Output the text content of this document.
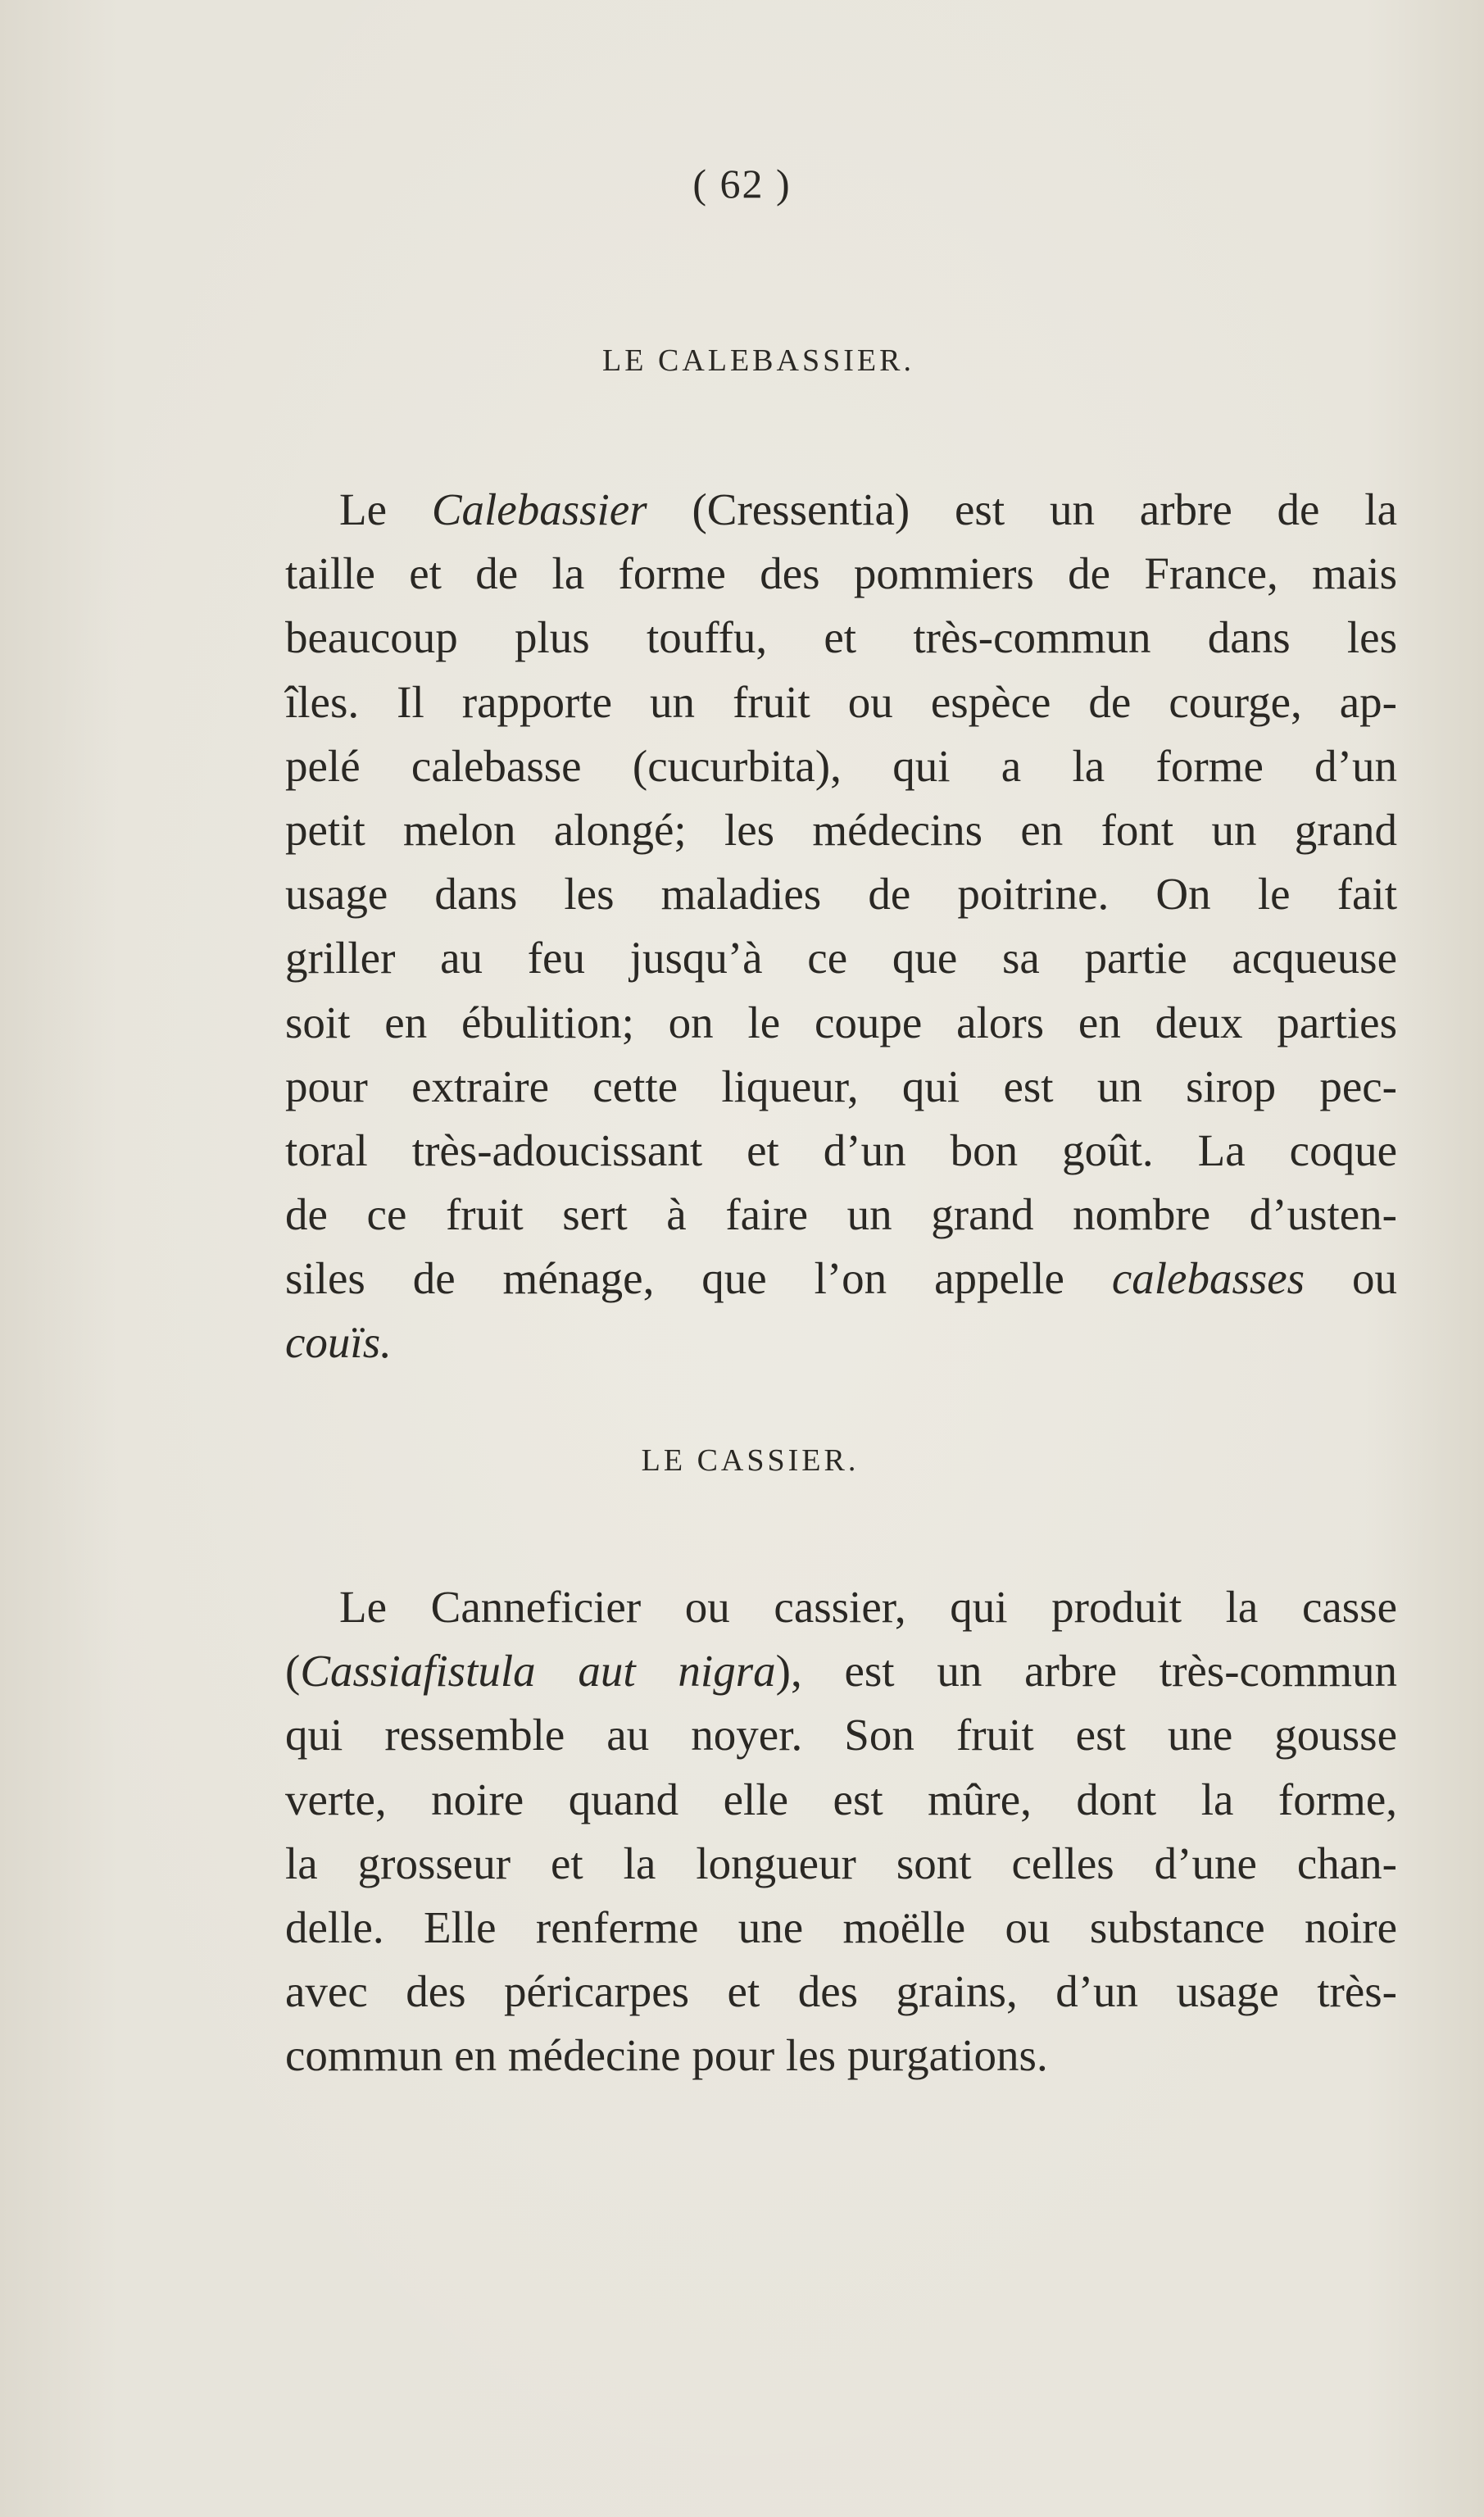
( 62 )
LE CALEBASSIER.
Le Calebassier (Cressentia) est un arbre de la
taille et de la forme des pommiers de France, mais
beaucoup plus touffu, et très-commun dans les
îles. Il rapporte un fruit ou espèce de courge, ap-
pelé calebasse (cucurbita), qui a la forme d’un
petit melon alongé; les médecins en font un grand
usage dans les maladies de poitrine. On le fait
griller au feu jusqu’à ce que sa partie acqueuse
soit en ébulition; on le coupe alors en deux parties
pour extraire cette liqueur, qui est un sirop pec-
toral très-adoucissant et d’un bon goût. La coque
de ce fruit sert à faire un grand nombre d’usten-
siles de ménage, que l’on appelle calebasses ou
couïs.
LE CASSIER.
Le Canneficier ou cassier, qui produit la casse
(Cassiafistula aut nigra), est un arbre très-commun
qui ressemble au noyer. Son fruit est une gousse
verte, noire quand elle est mûre, dont la forme,
la grosseur et la longueur sont celles d’une chan-
delle. Elle renferme une moëlle ou substance noire
avec des péricarpes et des grains, d’un usage très-
commun en médecine pour les purgations.
